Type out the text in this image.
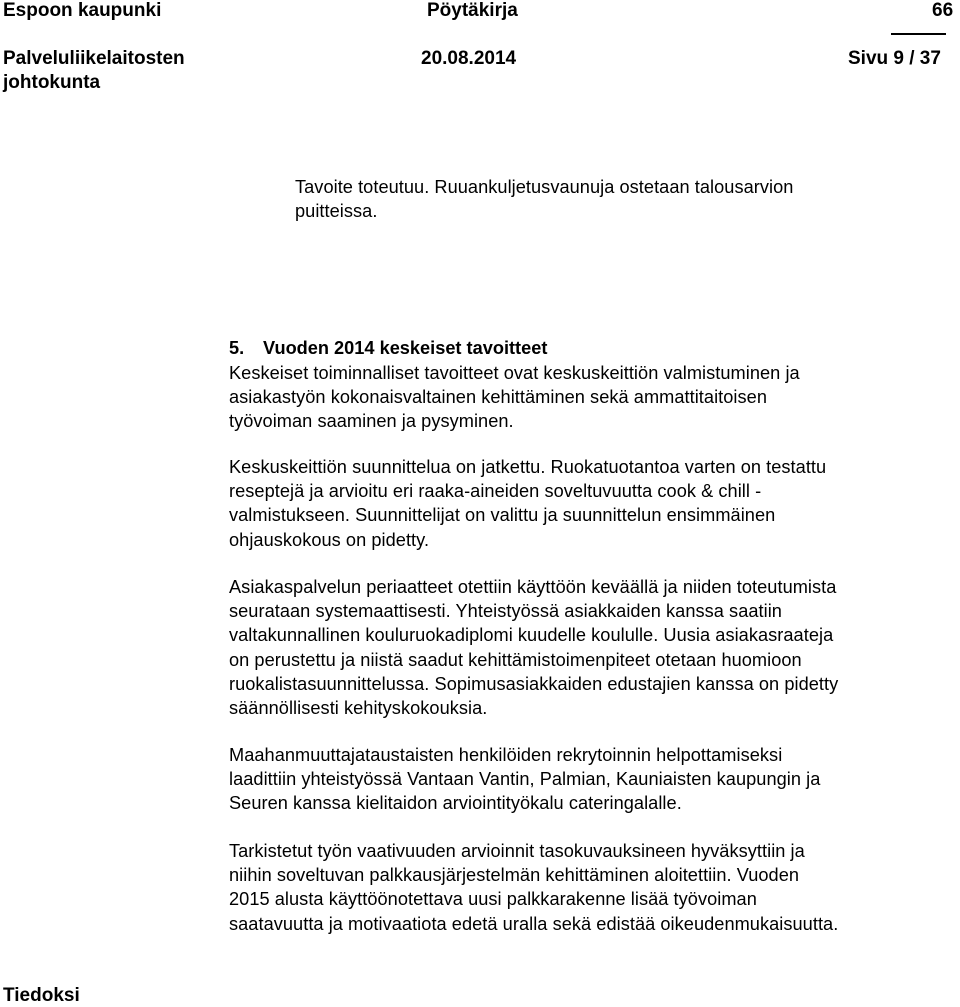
Espoon kaupunki	Pöytäkirja	66
Palveluliikelaitosten
johtokunta
20.08.2014	Sivu 9 / 37
Tavoite toteutuu. Ruuankuljetusvaunuja ostetaan talousarvion
puitteissa.
5. Vuoden 2014 keskeiset tavoitteet
Keskeiset toiminnalliset tavoitteet ovat keskuskeittiön valmistuminen ja
asiakastyön kokonaisvaltainen kehittäminen sekä ammattitaitoisen
työvoiman saaminen ja pysyminen.
Keskuskeittiön suunnittelua on jatkettu. Ruokatuotantoa varten on testattu
reseptejä ja arvioitu eri raaka-aineiden soveltuvuutta cook & chill -
valmistukseen. Suunnittelijat on valittu ja suunnittelun ensimmäinen
ohjauskokous on pidetty.
Asiakaspalvelun periaatteet otettiin käyttöön keväällä ja niiden toteutumista
seurataan systemaattisesti. Yhteistyössä asiakkaiden kanssa saatiin
valtakunnallinen kouluruokadiplomi kuudelle koululle. Uusia asiakasraateja
on perustettu ja niistä saadut kehittämistoimenpiteet otetaan huomioon
ruokalistasuunnittelussa. Sopimusasiakkaiden edustajien kanssa on pidetty
säännöllisesti kehityskokouksia.
Maahanmuuttajataustaisten henkilöiden rekrytoinnin helpottamiseksi
laadittiin yhteistyössä Vantaan Vantin, Palmian, Kauniaisten kaupungin ja
Seuren kanssa kielitaidon arviointityökalu cateringalalle.
Tarkistetut työn vaativuuden arvioinnit tasokuvauksineen hyväksyttiin ja
niihin soveltuvan palkkausjärjestelmän kehittäminen aloitettiin. Vuoden
2015 alusta käyttöönotettava uusi palkkarakenne lisää työvoiman
saatavuutta ja motivaatiota edetä uralla sekä edistää oikeudenmukaisuutta.
Tiedoksi
